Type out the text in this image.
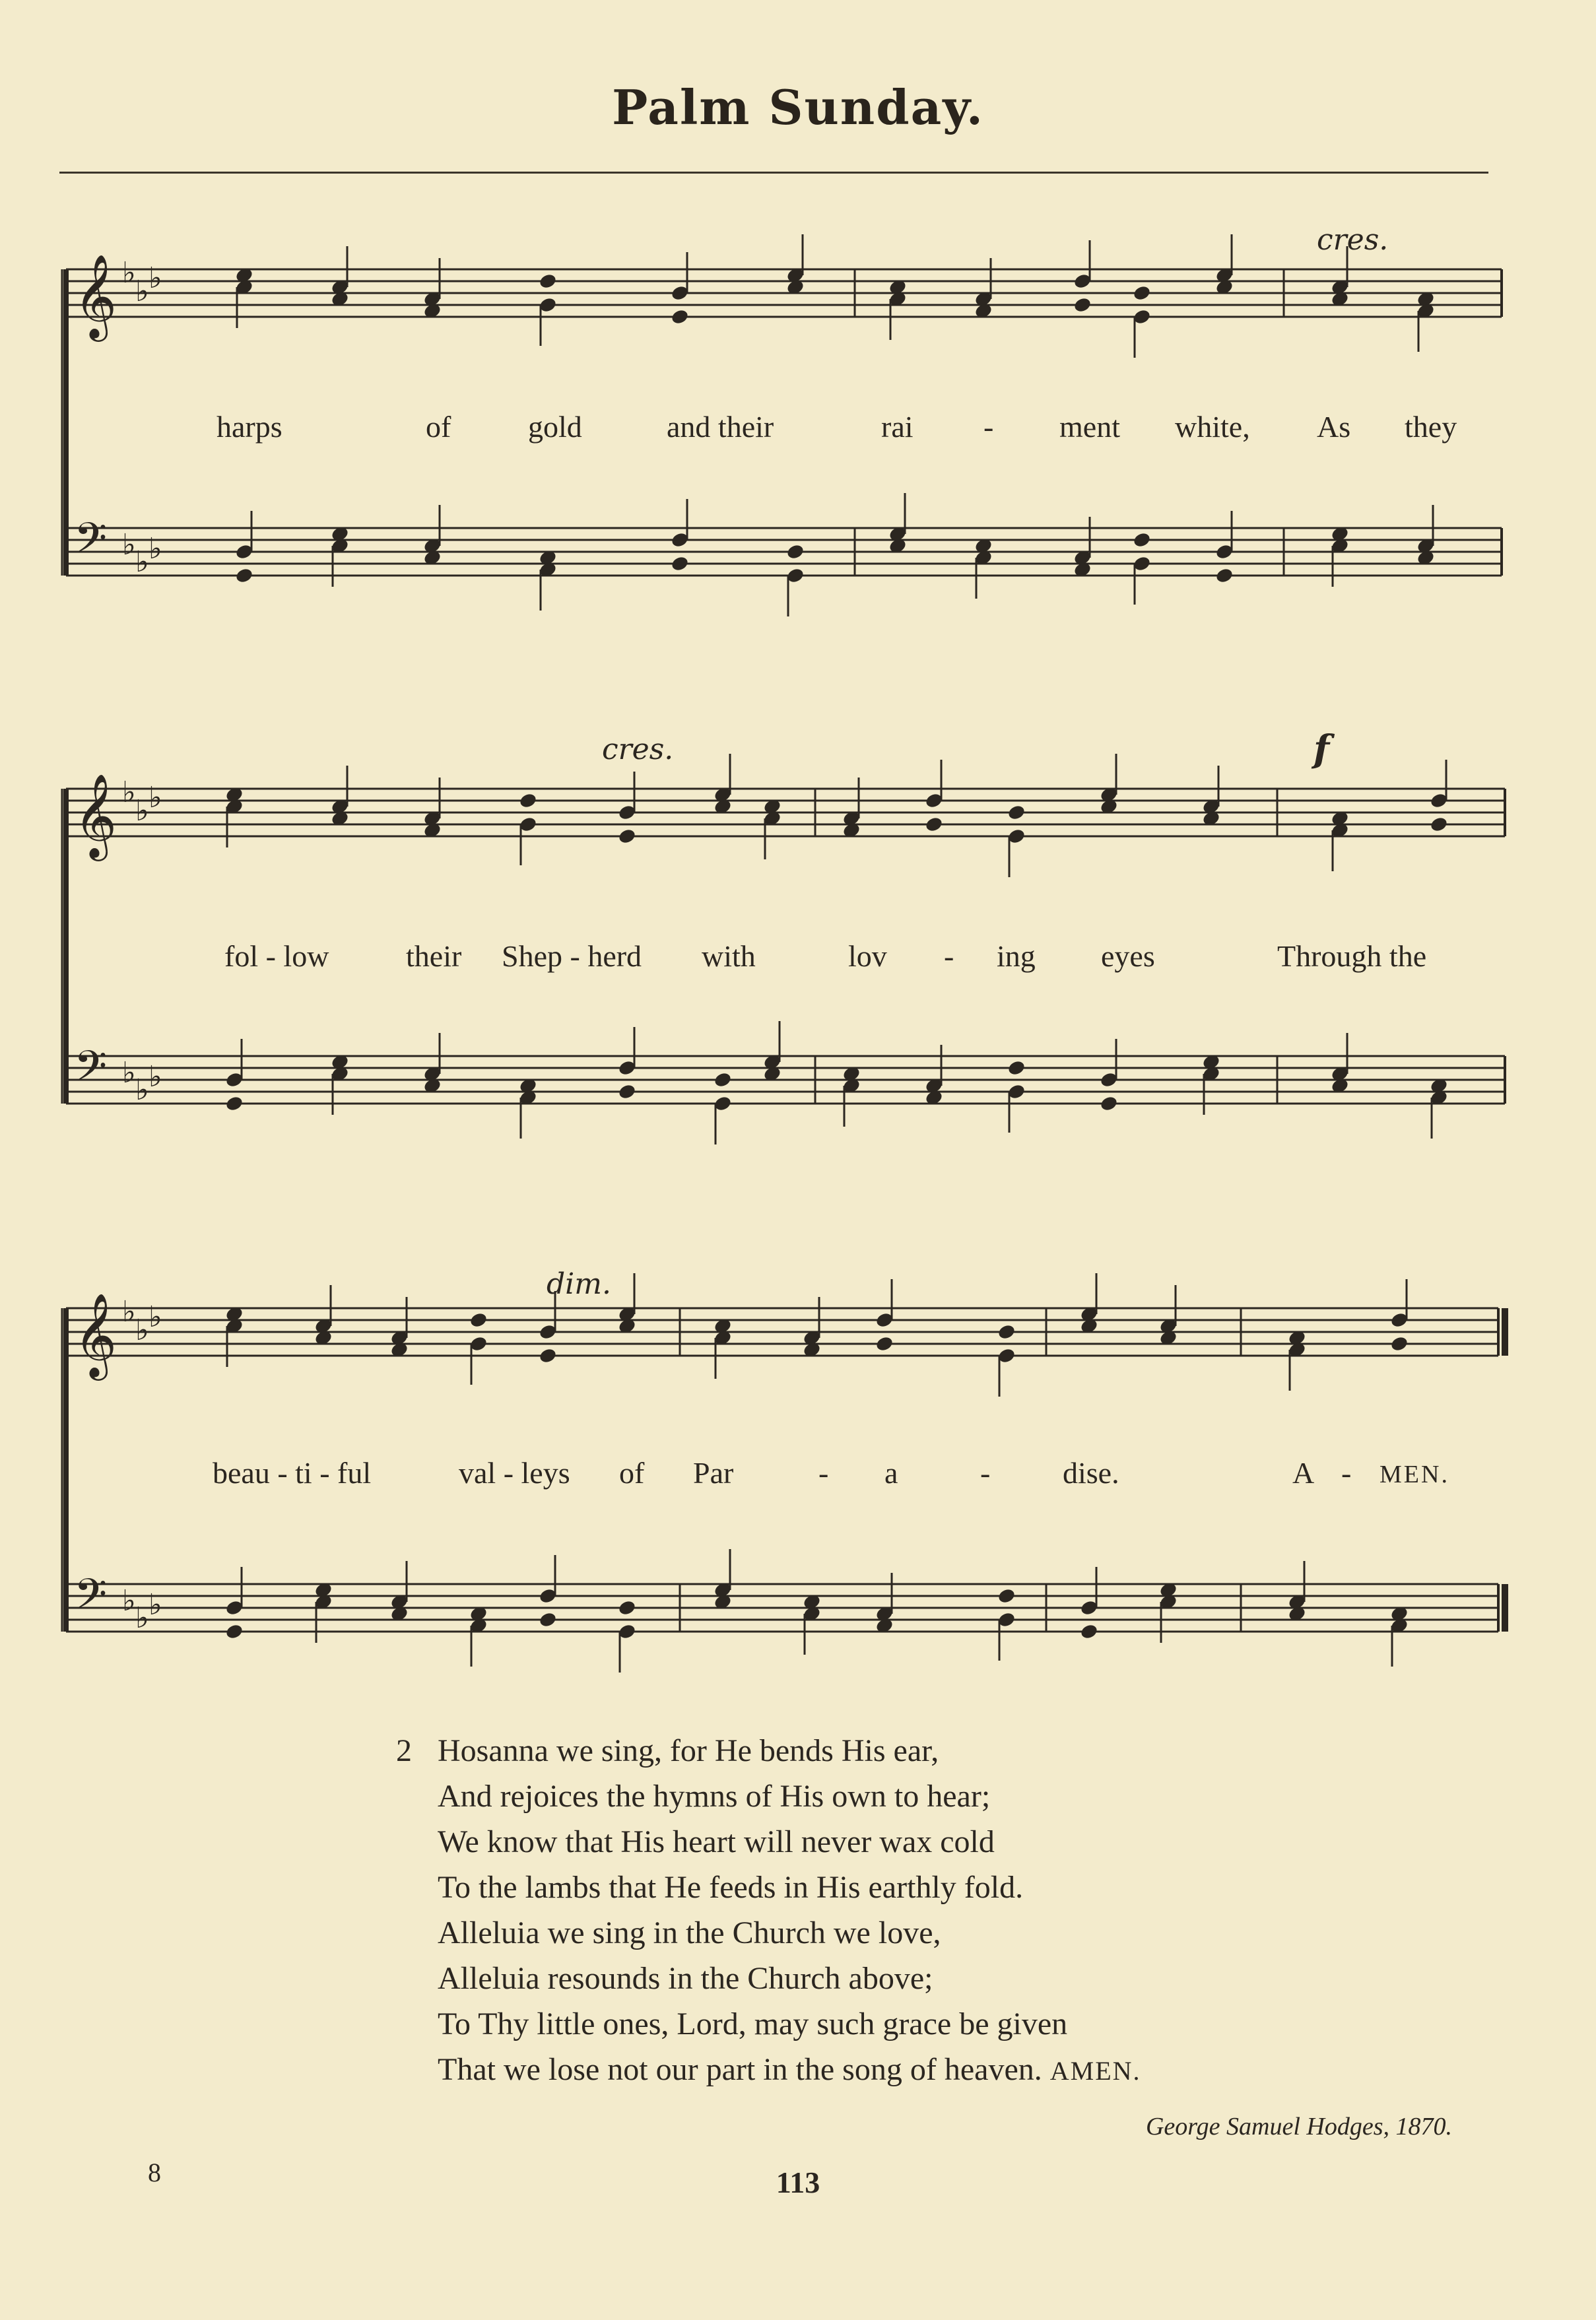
Palm Sunday.
𝄞 ♭
♭ ♭
𝄢 ♭
♭ ♭
cres.
harps	of	gold	and their	rai - ment white, As they
𝄞 ♭
♭ ♭
𝄢 ♭
♭ ♭
cres.	f
fol - low	their Shep - herd with	lov - ing eyes	Through the
𝄞 ♭
♭ ♭
𝄢 ♭
♭ ♭
dim.
beau - ti - ful	val - leys of Par	- a	- dise.	A - MEN.
2 Hosanna we sing, for He bends His ear,
And rejoices the hymns of His own to hear;
We know that His heart will never wax cold
To the lambs that He feeds in His earthly fold.
Alleluia we sing in the Church we love,
Alleluia resounds in the Church above;
To Thy little ones, Lord, may such grace be given
That we lose not our part in the song of heaven. AMEN.
George Samuel Hodges, 1870.
8	113
